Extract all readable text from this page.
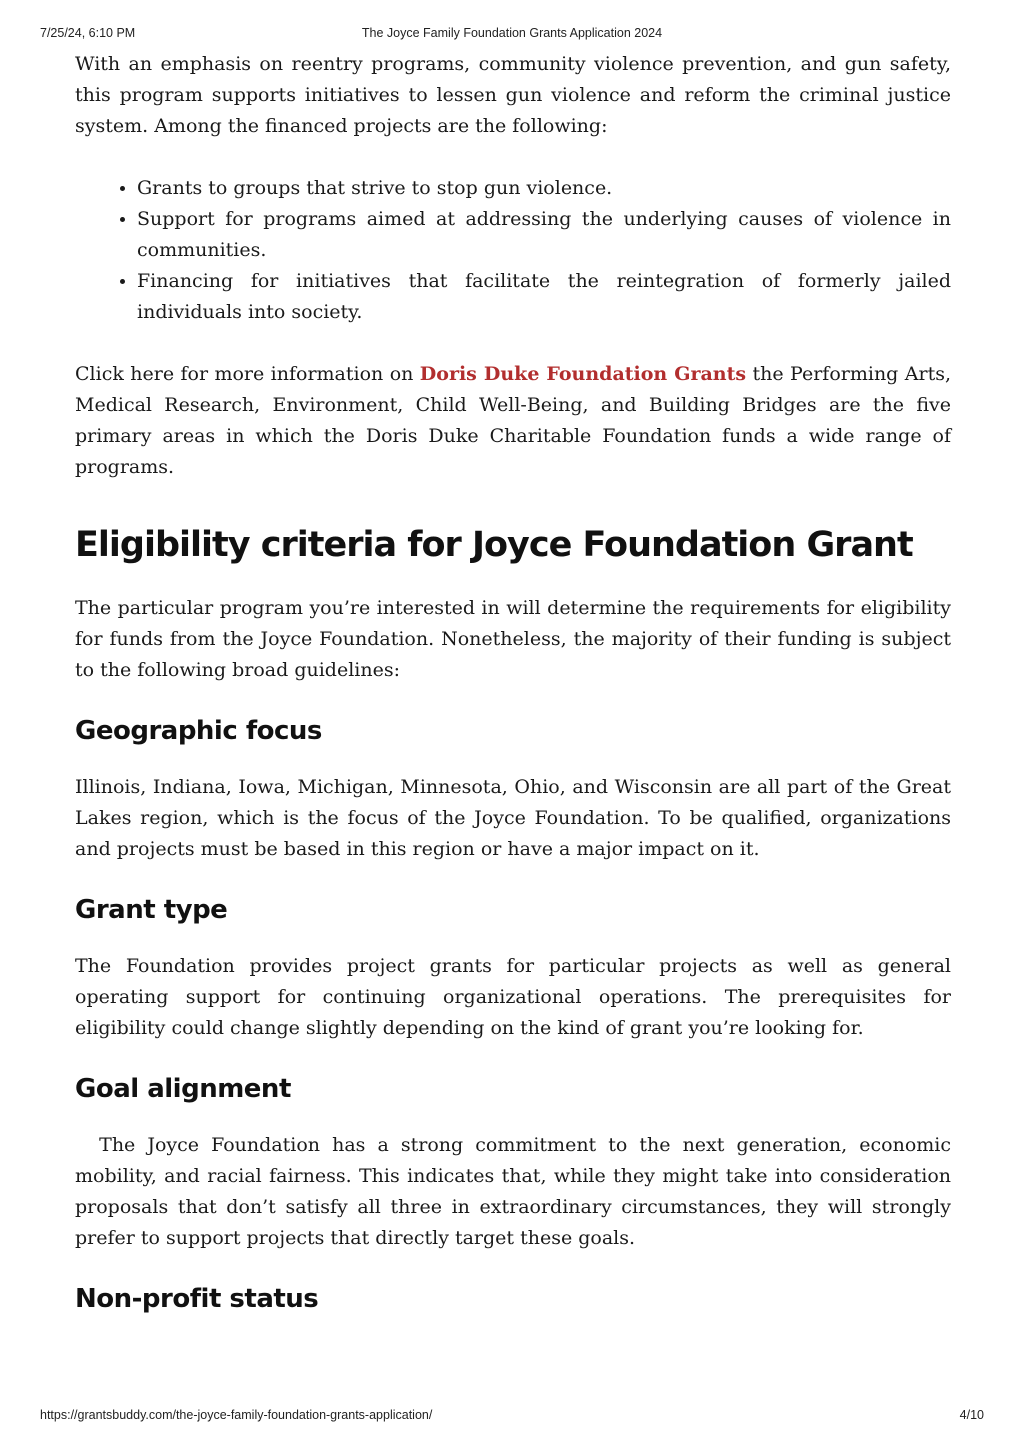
7/25/24, 6:10 PM	The Joyce Family Foundation Grants Application 2024

With an emphasis on reentry programs, community violence prevention, and gun safety, this program supports initiatives to lessen gun violence and reform the criminal justice system. Among the financed projects are the following:

• Grants to groups that strive to stop gun violence.
• Support for programs aimed at addressing the underlying causes of violence in communities.
• Financing for initiatives that facilitate the reintegration of formerly jailed individuals into society.

Click here for more information on Doris Duke Foundation Grants the Performing Arts, Medical Research, Environment, Child Well-Being, and Building Bridges are the five primary areas in which the Doris Duke Charitable Foundation funds a wide range of programs.

Eligibility criteria for Joyce Foundation Grant

The particular program you’re interested in will determine the requirements for eligibility for funds from the Joyce Foundation. Nonetheless, the majority of their funding is subject to the following broad guidelines:

Geographic focus

Illinois, Indiana, Iowa, Michigan, Minnesota, Ohio, and Wisconsin are all part of the Great Lakes region, which is the focus of the Joyce Foundation. To be qualified, organizations and projects must be based in this region or have a major impact on it.

Grant type

The Foundation provides project grants for particular projects as well as general operating support for continuing organizational operations. The prerequisites for eligibility could change slightly depending on the kind of grant you’re looking for.

Goal alignment

The Joyce Foundation has a strong commitment to the next generation, economic mobility, and racial fairness. This indicates that, while they might take into consideration proposals that don’t satisfy all three in extraordinary circumstances, they will strongly prefer to support projects that directly target these goals.

Non-profit status
https://grantsbuddy.com/the-joyce-family-foundation-grants-application/	4/10
